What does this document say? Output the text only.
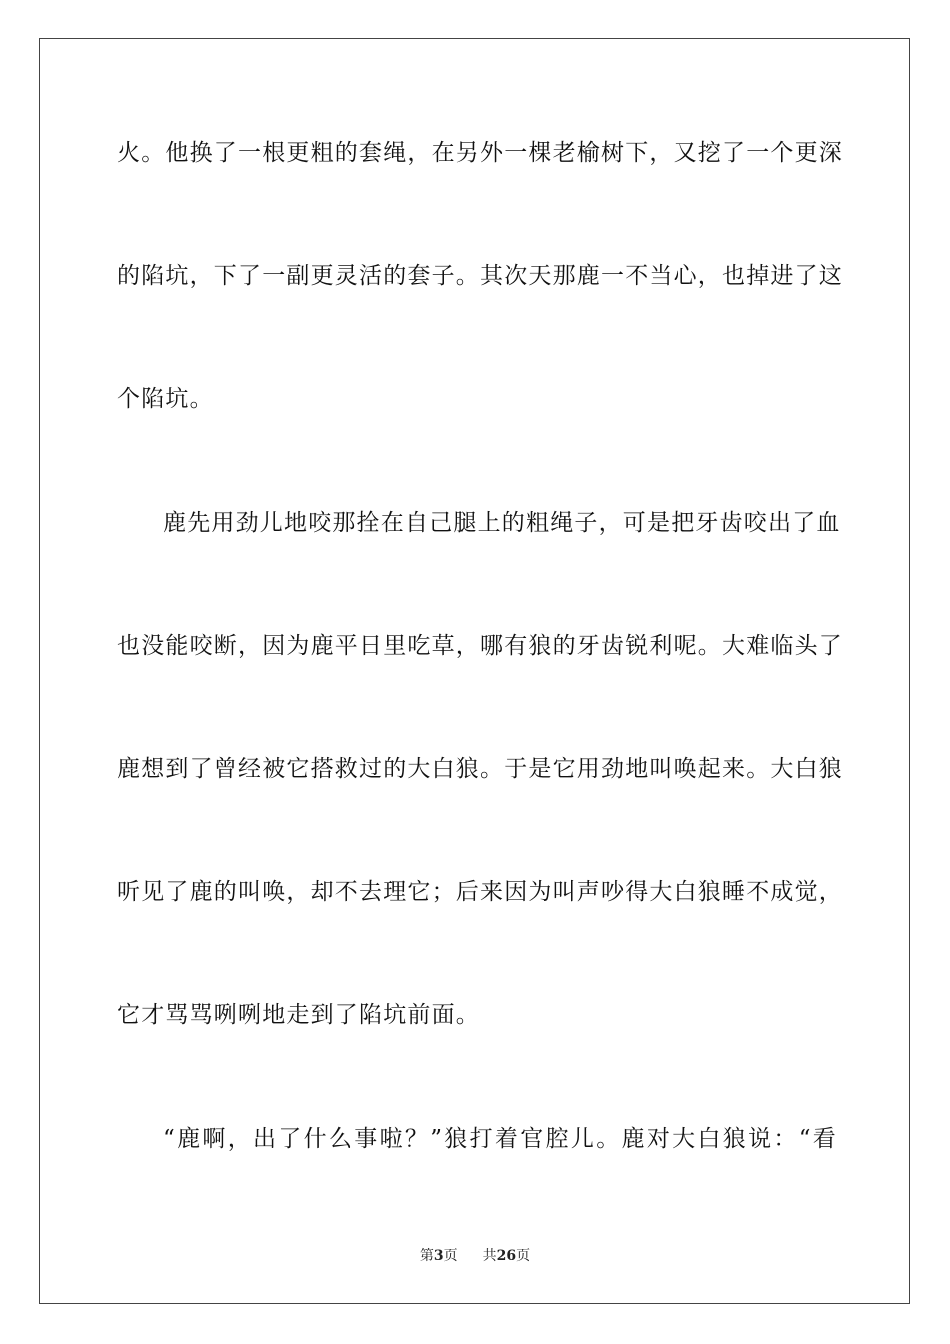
火。他换了一根更粗的套绳，在另外一棵老榆树下，又挖了一个更深
的陷坑，下了一副更灵活的套子。其次天那鹿一不当心，也掉进了这
个陷坑。
鹿先用劲儿地咬那拴在自己腿上的粗绳子，可是把牙齿咬出了血
也没能咬断，因为鹿平日里吃草，哪有狼的牙齿锐利呢。大难临头了
鹿想到了曾经被它搭救过的大白狼。于是它用劲地叫唤起来。大白狼
听见了鹿的叫唤，却不去理它；后来因为叫声吵得大白狼睡不成觉，
它才骂骂咧咧地走到了陷坑前面。
“鹿啊，出了什么事啦？”狼打着官腔儿。鹿对大白狼说：“看
第3页 共26页
